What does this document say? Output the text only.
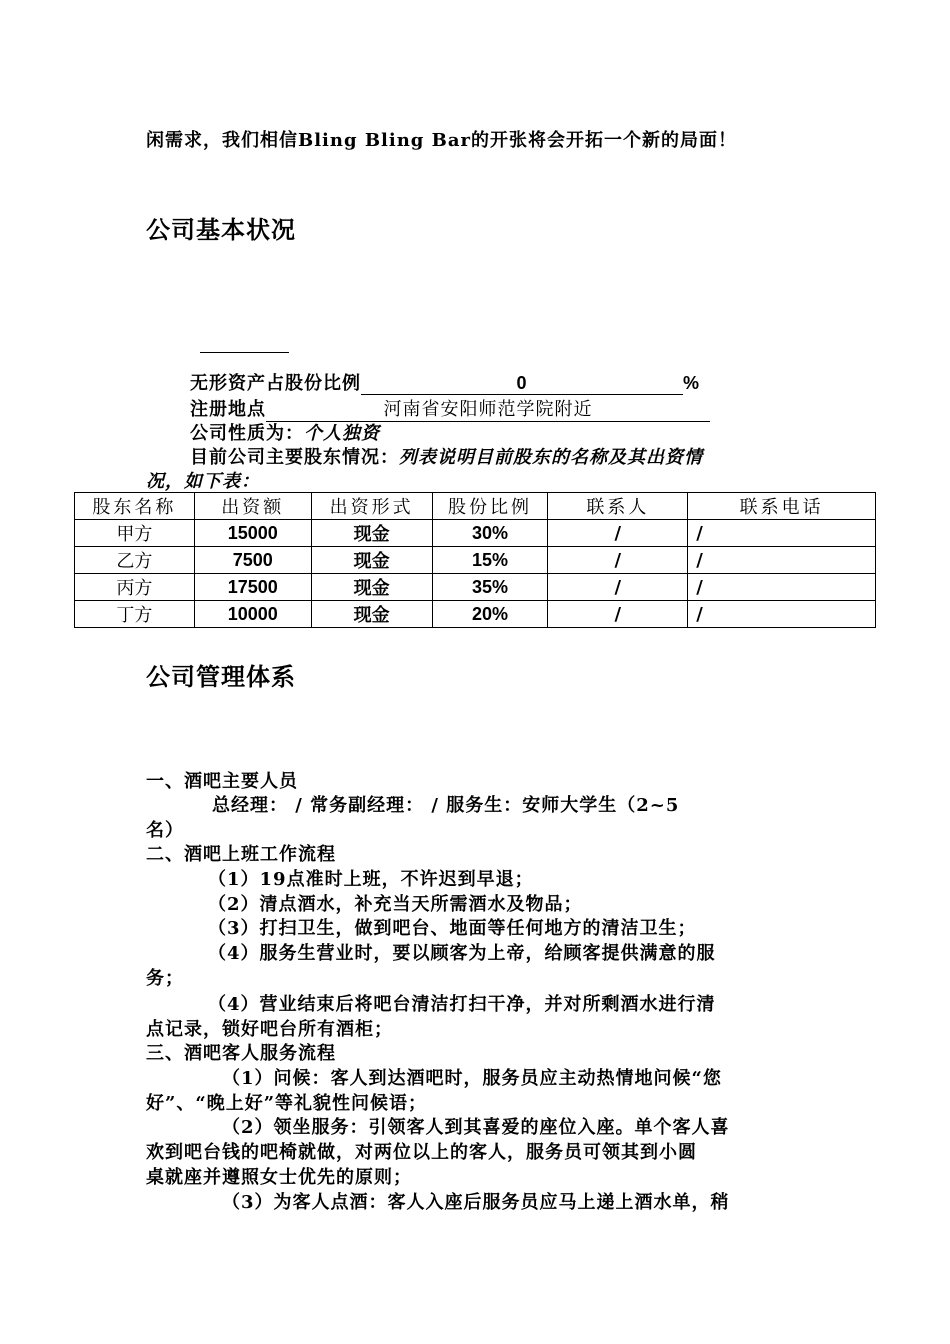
闲需求，我们相信Bling Bling Bar的开张将会开拓一个新的局面！
公司基本状况
无形资产占股份比例	0	%
注册地点	河南省安阳师范学院附近
公司性质为：个人独资
目前公司主要股东情况：列表说明目前股东的名称及其出资情
况，如下表：
股东名称	出资额	出资形式	股份比例	联系人	联系电话
甲方	15000	现金	30%	/	/
乙方	7500	现金	15%	/	/
丙方	17500	现金	35%	/	/
丁方	10000	现金	20%	/	/
公司管理体系
一、酒吧主要人员
总经理： / 常务副经理： / 服务生：安师大学生（2~5
名）
二、酒吧上班工作流程
（1）19点准时上班，不许迟到早退；
（2）清点酒水，补充当天所需酒水及物品；
（3）打扫卫生，做到吧台、地面等任何地方的清洁卫生；
（4）服务生营业时，要以顾客为上帝，给顾客提供满意的服
务；
（4）营业结束后将吧台清洁打扫干净，并对所剩酒水进行清
点记录，锁好吧台所有酒柜；
三、酒吧客人服务流程
（1）问候：客人到达酒吧时，服务员应主动热情地问候“您
好”、“晚上好”等礼貌性问候语；
（2）领坐服务：引领客人到其喜爱的座位入座。单个客人喜
欢到吧台钱的吧椅就做，对两位以上的客人，服务员可领其到小圆
桌就座并遵照女士优先的原则；
（3）为客人点酒：客人入座后服务员应马上递上酒水单，稍
